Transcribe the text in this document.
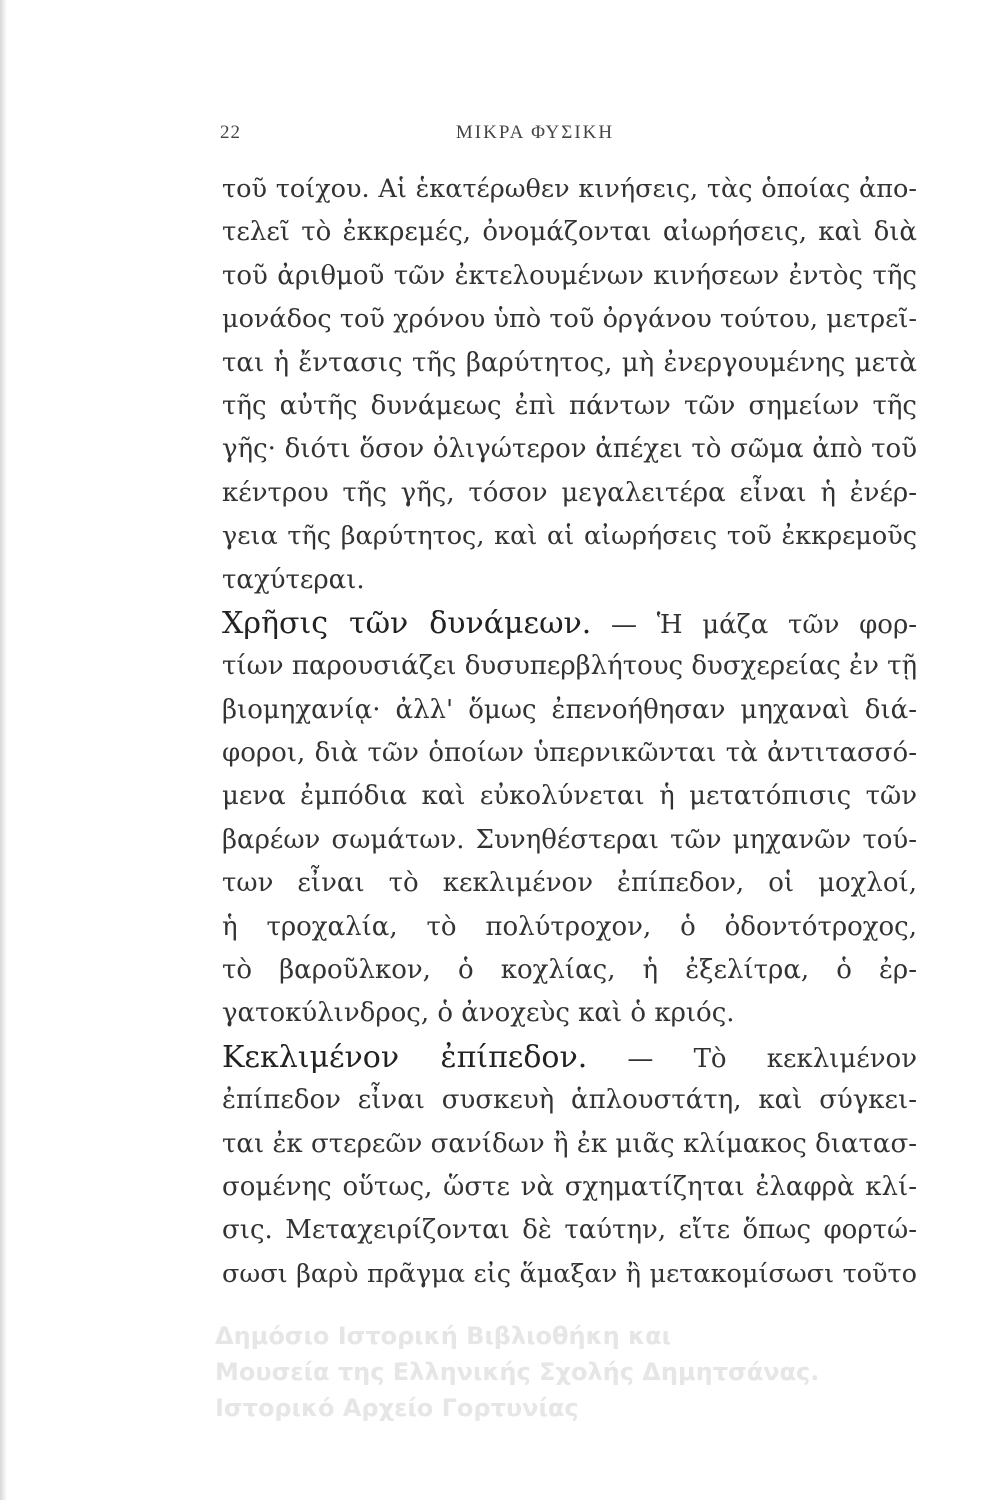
22	ΜΙΚΡΑ ΦΥΣΙΚΗ
τοῦ τοίχου. Αἱ ἑκατέρωθεν κινήσεις, τὰς ὁποίας ἀπο-
τελεῖ τὸ ἐκκρεμές, ὀνομάζονται αἰωρήσεις, καὶ διὰ
τοῦ ἀριθμοῦ τῶν ἐκτελουμένων κινήσεων ἐντὸς τῆς
μονάδος τοῦ χρόνου ὑπὸ τοῦ ὀργάνου τούτου, μετρεῖ-
ται ἡ ἔντασις τῆς βαρύτητος, μὴ ἐνεργουμένης μετὰ
τῆς αὐτῆς δυνάμεως ἐπὶ πάντων τῶν σημείων τῆς
γῆς· διότι ὅσον ὀλιγώτερον ἀπέχει τὸ σῶμα ἀπὸ τοῦ
κέντρου τῆς γῆς, τόσον μεγαλειτέρα εἶναι ἡ ἐνέρ-
γεια τῆς βαρύτητος, καὶ αἱ αἰωρήσεις τοῦ ἐκκρεμοῦς
ταχύτεραι.
Χρῆσις τῶν δυνάμεων. — Ἡ μάζα τῶν φορ-
τίων παρουσιάζει δυσυπερβλήτους δυσχερείας ἐν τῇ
βιομηχανίᾳ· ἀλλ' ὅμως ἐπενοήθησαν μηχαναὶ διά-
φοροι, διὰ τῶν ὁποίων ὑπερνικῶνται τὰ ἀντιτασσό-
μενα ἐμπόδια καὶ εὐκολύνεται ἡ μετατόπισις τῶν
βαρέων σωμάτων. Συνηθέστεραι τῶν μηχανῶν τού-
των εἶναι τὸ κεκλιμένον ἐπίπεδον, οἱ μοχλοί,
ἡ τροχαλία, τὸ πολύτροχον, ὁ ὀδοντότροχος,
τὸ βαροῦλκον, ὁ κοχλίας, ἡ ἐξελίτρα, ὁ ἐρ-
γατοκύλινδρος, ὁ ἀνοχεὺς καὶ ὁ κριός.
Κεκλιμένον ἐπίπεδον. — Τὸ κεκλιμένον
ἐπίπεδον εἶναι συσκευὴ ἁπλουστάτη, καὶ σύγκει-
ται ἐκ στερεῶν σανίδων ἢ ἐκ μιᾶς κλίμακος διατασ-
σομένης οὕτως, ὥστε νὰ σχηματίζηται ἐλαφρὰ κλί-
σις. Μεταχειρίζονται δὲ ταύτην, εἴτε ὅπως φορτώ-
σωσι βαρὺ πρᾶγμα εἰς ἅμαξαν ἢ μετακομίσωσι τοῦτο
Δημόσιο Ιστορική Βιβλιοθήκη και
Μουσεία της Ελληνικής Σχολής Δημητσάνας.
Ιστορικό Αρχείο Γορτυνίας
